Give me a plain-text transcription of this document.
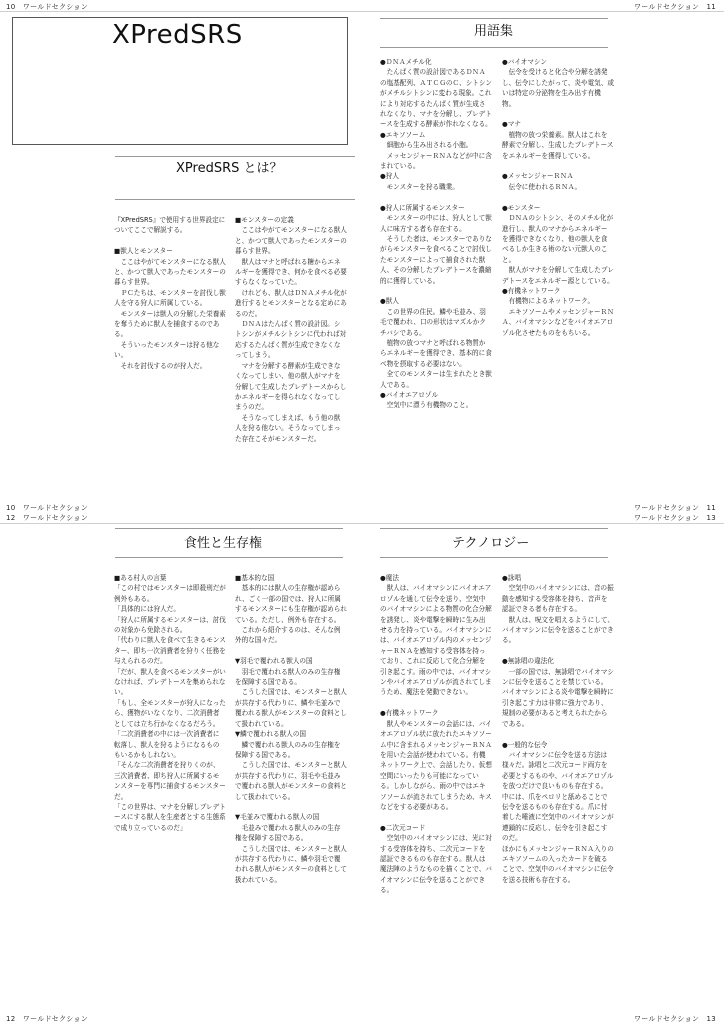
10　ワールドセクション	ワールドセクション　11
10　ワールドセクション	ワールドセクション　11
12　ワールドセクション	ワールドセクション　13
12　ワールドセクション	ワールドセクション　13
XPredSRS
XPredSRS とは？

『XPredSRS』で使用する世界設定についてここで解説する。

■獣人とモンスター
　ここはやがてモンスターになる獣人と、かつて獣人であったモンスターの暮らす世界。
　ＰＣたちは、モンスターを討伐し獣人を守る狩人に所属している。
　モンスターは獣人の分解した栄養素を奪うために獣人を捕食するのである。
　そういったモンスターは狩る他ない。
　それを討伐するのが狩人だ。

■モンスターの定義
　ここはやがてモンスターになる獣人と、かつて獣人であったモンスターの暮らす世界。
　獣人はマナと呼ばれる糖からエネルギーを獲得でき、何かを食べる必要すらなくなっていた。
　けれども、獣人はＤＮＡメチル化が進行するとモンスターとなる定めにあるのだ。
　ＤＮＡはたんぱく質の設計図。シトシンがメチルシトシンに代われば対応するたんぱく質が生成できなくなってしまう。
　マナを分解する酵素が生成できなくなってしまい、他の獣人がマナを分解して生成したプレデトースからしかエネルギーを得られなくなってしまうのだ。
　そうなってしまえば、もう他の獣人を狩る他ない。そうなってしまった存在こそがモンスターだ。

用語集

●ＤＮＡメチル化
　たんぱく質の設計図であるＤＮＡの塩基配列、ＡＴＣＧのＣ、シトシンがメチルシトシンに変わる現象。これにより対応するたんぱく質が生成されなくなり、マナを分解し、プレデトースを生成する酵素が作れなくなる。
●エキソソーム
　細胞から生み出される小胞。
　メッセンジャーＲＮＡなどが中に含まれている。
●狩人
　モンスターを狩る職業。

●狩人に所属するモンスター
　モンスターの中には、狩人として獣人に味方する者も存在する。
　そうした者は、モンスターでありながらモンスターを食べることで討伐したモンスターによって捕食された獣人、その分解したプレデトースを濃縮的に獲得している。

●獣人
　この世界の住民。鱗や毛並み、羽毛で覆われ、口の形状はマズルかクチバシである。
　植物の放つマナと呼ばれる物質からエネルギーを獲得でき、基本的に食べ物を摂取する必要はない。
　全てのモンスターは生まれたとき獣人である。
●バイオエアロゾル
　空気中に漂う有機物のこと。

●バイオマシン
　伝令を受けると化合や分解を誘発し、伝令にしたがって、炎や電気、或いは特定の分泌物を生み出す有機物。

●マナ
　植物の放つ栄養素。獣人はこれを酵素で分解し、生成したプレデトースをエネルギーを獲得している。

●メッセンジャーＲＮＡ
　伝令に使われるＲＮＡ。

●モンスター
　ＤＮＡのシトシン、そのメチル化が進行し、獣人のマナからエネルギーを獲得できなくなり、他の獣人を食べるしか生きる術のない元獣人のこと。
　獣人がマナを分解して生成したプレデトースをエネルギー源としている。
●有機ネットワーク
　有機物によるネットワーク。
　エキソソームやメッセンジャーＲＮＡ、バイオマシンなどをバイオエアロゾル化させたものをもちいる。

食性と生存権

■ある村人の言葉
「この村ではモンスターは即殺刑だが例外もある。
「具体的には狩人だ。
「狩人に所属するモンスターは、討伐の対象から免除される。
「代わりに獣人を食べて生きるモンスター、即ち一次消費者を狩りく任務を与えられるのだ。
「だが、獣人を食べるモンスターがいなければ、プレデトースを集められない。
「もし、全モンスターが狩人になったら、獲物がいなくなり、二次消費者としては立ち行かなくなるだろう。
「二次消費者の中には一次消費者に転落し、獣人を狩るようになるものもいるかもしれない。
「そんな二次消費者を狩りくのが、三次消費者、即ち狩人に所属するモンスターを専門に捕食するモンスターだ。
「この世界は、マナを分解しプレデトースにする獣人を生産者とする生態系で成り立っているのだ」

■基本的な国
　基本的には獣人の生存権が認められ、ごく一部の国では、狩人に所属するモンスターにも生存権が認められている。ただし、例外も存在する。
　これから紹介するのは、そんな例外的な国々だ。

▼羽毛で覆われる獣人の国
　羽毛で覆われる獣人のみの生存権を保障する国である。
　こうした国では、モンスターと獣人が共存する代わりに、鱗や毛並みで覆われる獣人がモンスターの食料として扱われている。
▼鱗で覆われる獣人の国
　鱗で覆われる獣人のみの生存権を保障する国である。
　こうした国では、モンスターと獣人が共存する代わりに、羽毛や毛並みで覆われる獣人がモンスターの食料として扱われている。

▼毛並みで覆われる獣人の国
　毛並みで覆われる獣人のみの生存権を保障する国である。
　こうした国では、モンスターと獣人が共存する代わりに、鱗や羽毛で覆われる獣人がモンスターの食料として扱われている。

テクノロジー

●魔法
　獣人は、バイオマシンにバイオエアロゾルを通して伝令を送り、空気中のバイオマシンによる物質の化合分解を誘発し、炎や電撃を瞬時に生み出せる力を持っている。バイオマシンには、バイオエアロゾル内のメッセンジャーＲＮＡを感知する受容体を持っており、これに反応して化合分解を引き起こす。雨の中では、バイオマシンやバイオエアロゾルが流されてしまうため、魔法を発動できない。

●有機ネットワーク
　獣人やモンスターの会話には、バイオエアロゾル状に放たれたエキソソーム中に含まれるメッセンジャーＲＮＡを用いた会話が使われている。有機ネットワーク上で、会話したり、仮想空間にいったりも可能になっている。しかしながら、雨の中ではエキソソームが流されてしまうため、キスなどをする必要がある。

●二次元コード
　空気中のバイオマシンには、光に対する受容体を持ち、二次元コードを認証できるものも存在する。獣人は魔法陣のようなものを描くことで、バイオマシンに伝令を送ることができる。

●詠唱
　空気中のバイオマシンには、音の振動を感知する受容体を持ち、音声を認証できる者も存在する。
　獣人は、呪文を唱えるようにして、バイオマシンに伝令を送ることができる。

●無詠唱の違法化
　一部の国では、無詠唱でバイオマシンに伝令を送ることを禁じている。バイオマシンによる炎や電撃を瞬時に引き起こす力は非常に強力であり、規制の必要があると考えられたからである。

●一般的な伝令
　バイオマシンに伝令を送る方法は様々だ。詠唱と二次元コード両方を必要とするものや、バイオエアロゾルを放つだけで良いものも存在する。中には、爪をペロリと舐めることで伝令を送るものも存在する。爪に付着した唾液に空気中のバイオマシンが連鎖的に反応し、伝令を引き起こすのだ。
ほかにもメッセンジャーＲＮＡ入りのエキソソームの入ったカードを破ることで、空気中のバイオマシンに伝令を送る技術も存在する。
